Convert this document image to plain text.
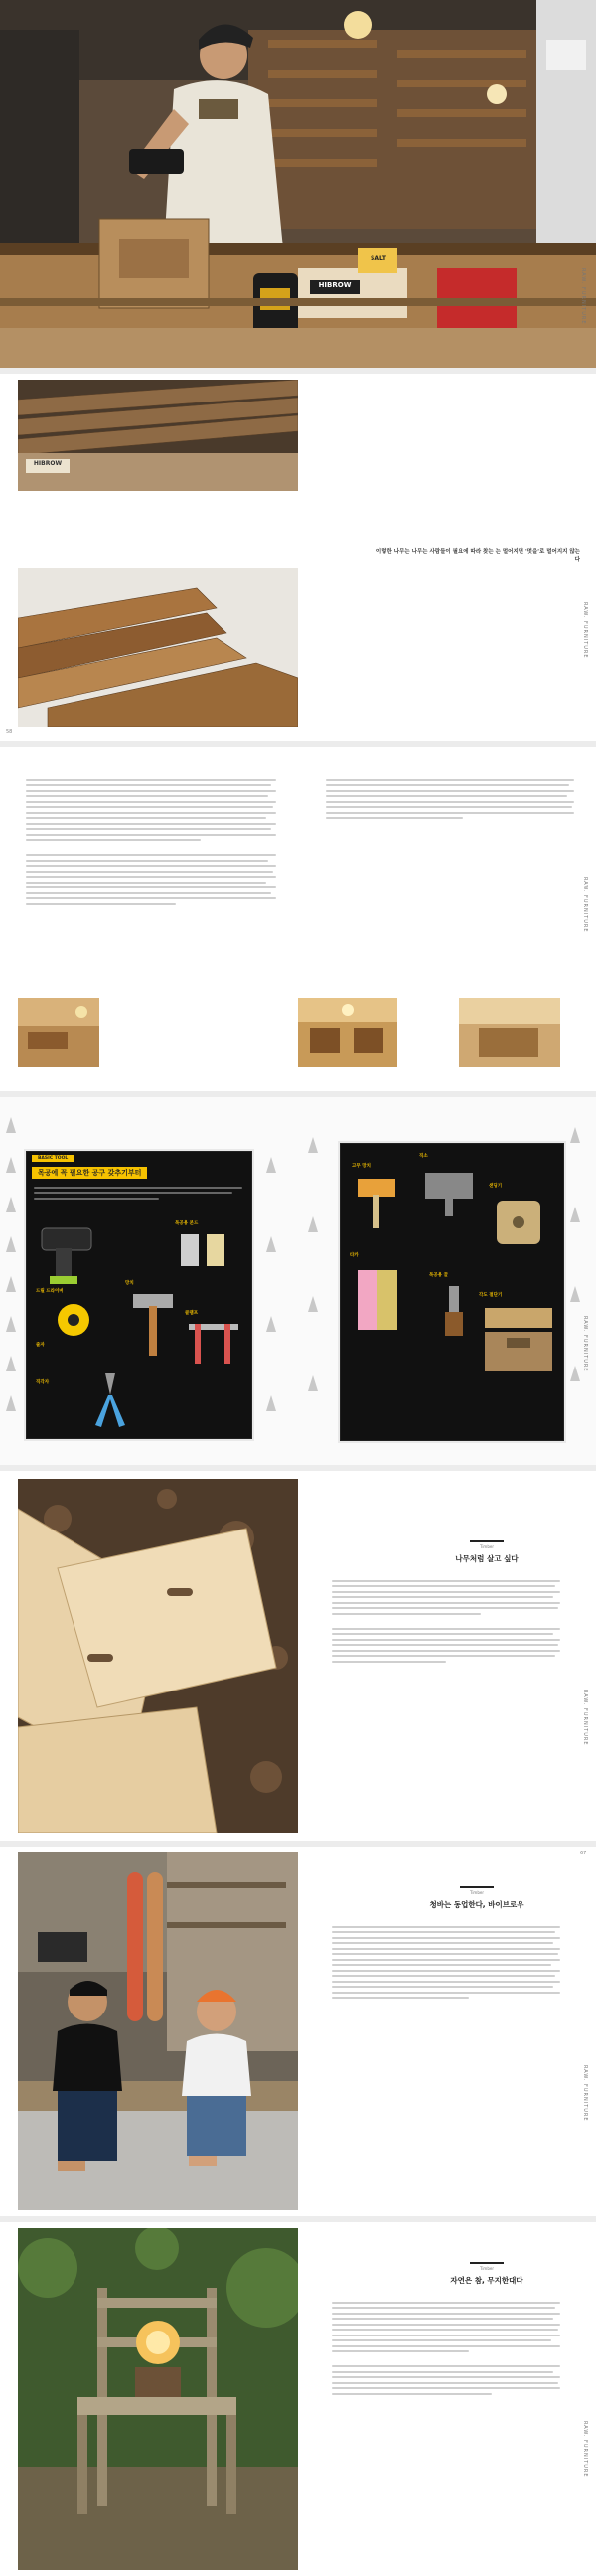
HIBROW
SALT
RAW. FURNITURE
HIBROW
이렇한 나무는 나무는 사람들이 필요에 따라 찾는 는 멀어지면 '멋을'로 멀어지지 않는다
58
RAW. FURNITURE
RAW. FURNITURE
BASIC TOOL
목공에 꼭 필요한 공구 갖추기부터
드릴 드라이버
목공용 본드
줄자
망치
클램프
직각자
고무 망치
직소
샌딩기
타카
목공용 끌
각도 절단기
RAW. FURNITURE
Timber
나무처럼 살고 싶다
RAW. FURNITURE
Timber
청바는 동업한다, 바이브로우
67
RAW. FURNITURE
Timber
자연은 참, 무지한대다
RAW. FURNITURE
